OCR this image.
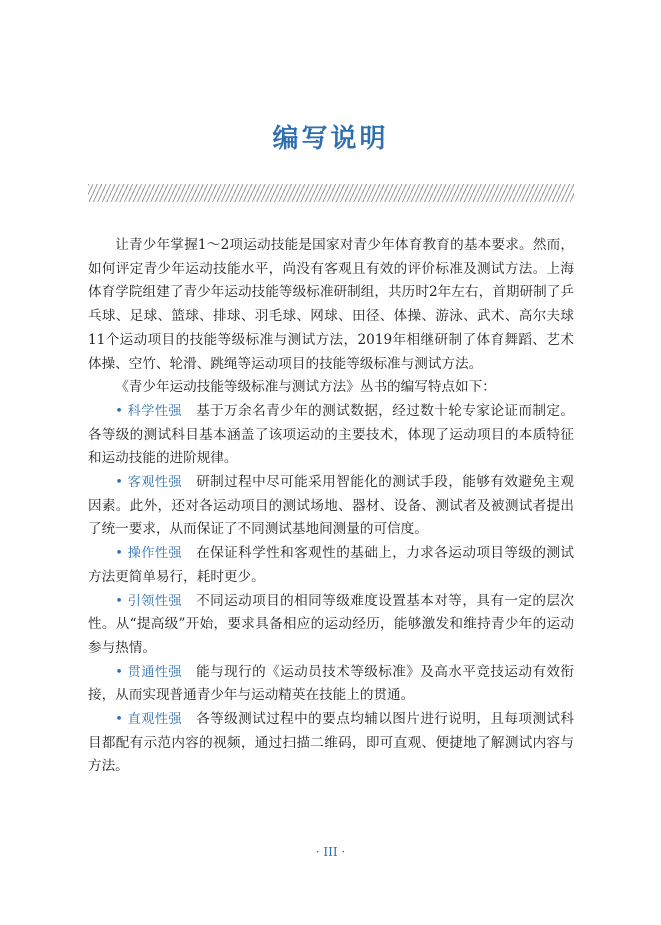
编写说明

让青少年掌握1～2项运动技能是国家对青少年体育教育的基本要求。然而，如何评定青少年运动技能水平，尚没有客观且有效的评价标准及测试方法。上海体育学院组建了青少年运动技能等级标准研制组，共历时2年左右，首期研制了乒乓球、足球、篮球、排球、羽毛球、网球、田径、体操、游泳、武术、高尔夫球11个运动项目的技能等级标准与测试方法，2019年相继研制了体育舞蹈、艺术体操、空竹、轮滑、跳绳等运动项目的技能等级标准与测试方法。

《青少年运动技能等级标准与测试方法》丛书的编写特点如下：

• 科学性强　 基于万余名青少年的测试数据，经过数十轮专家论证而制定。各等级的测试科目基本涵盖了该项运动的主要技术，体现了运动项目的本质特征和运动技能的进阶规律。

• 客观性强　 研制过程中尽可能采用智能化的测试手段，能够有效避免主观因素。此外，还对各运动项目的测试场地、器材、设备、测试者及被测试者提出了统一要求，从而保证了不同测试基地间测量的可信度。

• 操作性强　 在保证科学性和客观性的基础上，力求各运动项目等级的测试方法更简单易行，耗时更少。

• 引领性强　 不同运动项目的相同等级难度设置基本对等，具有一定的层次性。从“提高级”开始，要求具备相应的运动经历，能够激发和维持青少年的运动参与热情。

• 贯通性强　 能与现行的《运动员技术等级标准》及高水平竞技运动有效衔接，从而实现普通青少年与运动精英在技能上的贯通。

• 直观性强　 各等级测试过程中的要点均辅以图片进行说明，且每项测试科目都配有示范内容的视频，通过扫描二维码，即可直观、便捷地了解测试内容与方法。

· III ·
